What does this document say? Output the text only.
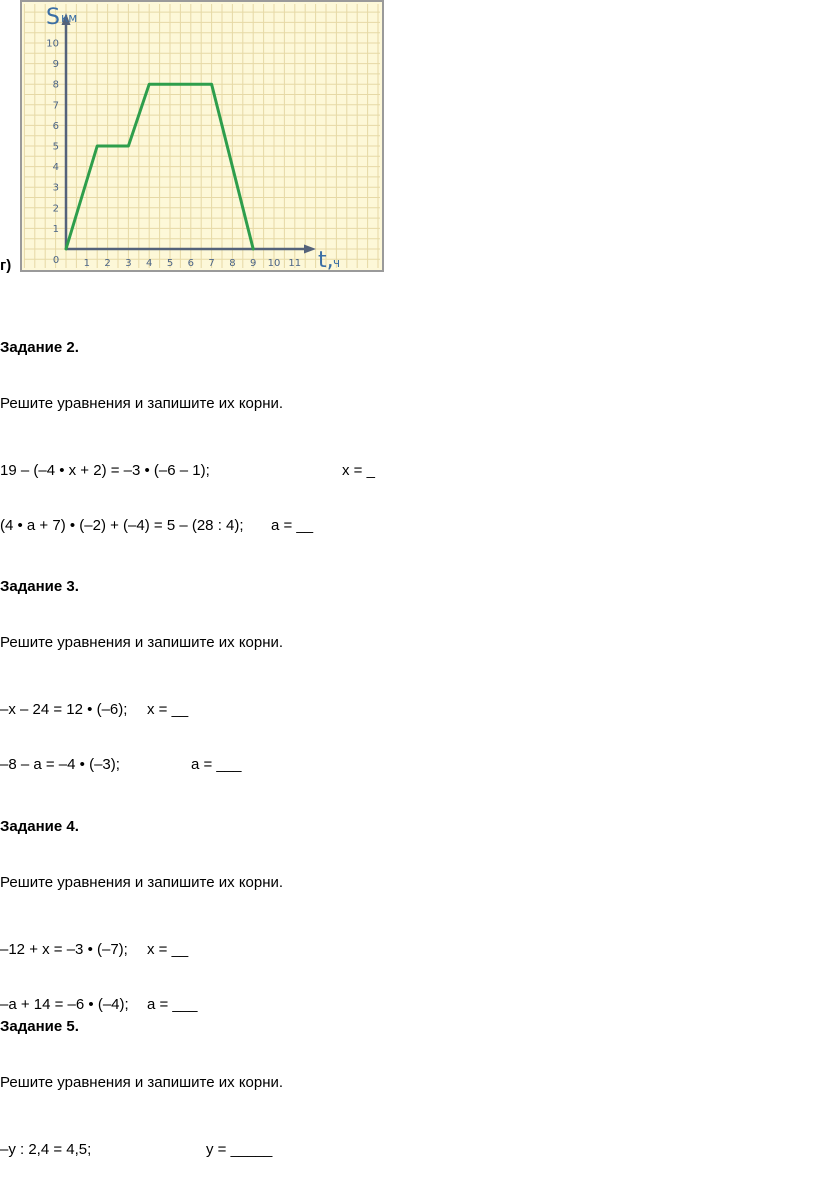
S км
t, ч
0 1 2 3 4 5 6 7 8 9 10 11
1
2
3
4
5
6
7
8
9
10
г)
Задание 2.
Решите уравнения и запишите их корни.
19 – (–4 • x + 2) = –3 • (–6 – 1);	x = _
(4 • a + 7) • (–2) + (–4) = 5 – (28 : 4); a = __
Задание 3.
Решите уравнения и запишите их корни.
–x – 24 = 12 • (–6); x = __
–8 – a = –4 • (–3);	a = ___
Задание 4.
Решите уравнения и запишите их корни.
–12 + x = –3 • (–7); x = __
–a + 14 = –6 • (–4); a = ___
Задание 5.
Решите уравнения и запишите их корни.
–y : 2,4 = 4,5;	y = _____
